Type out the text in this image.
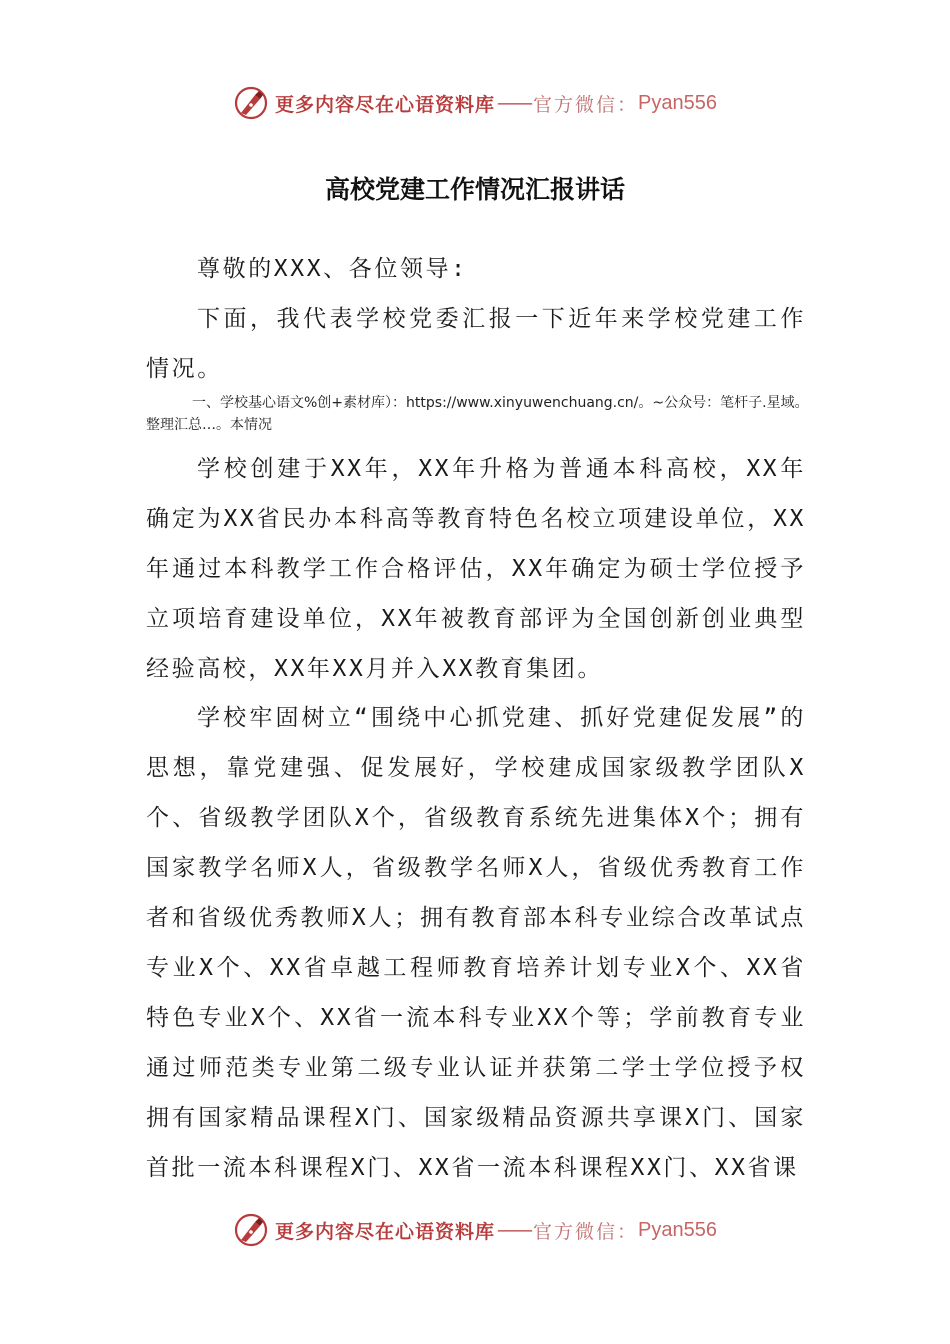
更多内容尽在心语资料库 —— 官方微信： Pyan556
高校党建工作情况汇报讲话
尊敬的XXX、各位领导:
下面，我代表学校党委汇报一下近年来学校党建工作情况。
一、学校基心语文%创+素材库）：https://www.xinyuwenchuang.cn/。~公众号：笔杆子.星域。整理汇总…。本情况
学校创建于XX年，XX年升格为普通本科高校，XX年确定为XX省民办本科高等教育特色名校立项建设单位，XX年通过本科教学工作合格评估，XX年确定为硕士学位授予立项培育建设单位，XX年被教育部评为全国创新创业典型经验高校，XX年XX月并入XX教育集团。
学校牢固树立“围绕中心抓党建、抓好党建促发展”的思想，靠党建强、促发展好，学校建成国家级教学团队X个、省级教学团队X个，省级教育系统先进集体X个；拥有国家教学名师X人，省级教学名师X人，省级优秀教育工作者和省级优秀教师X人；拥有教育部本科专业综合改革试点专业X个、XX省卓越工程师教育培养计划专业X个、XX省特色专业X个、XX省一流本科专业XX个等；学前教育专业通过师范类专业第二级专业认证并获第二学士学位授予权拥有国家精品课程X门、国家级精品资源共享课X门、国家首批一流本科课程X门、XX省一流本科课程XX门、XX省课
更多内容尽在心语资料库 —— 官方微信： Pyan556
